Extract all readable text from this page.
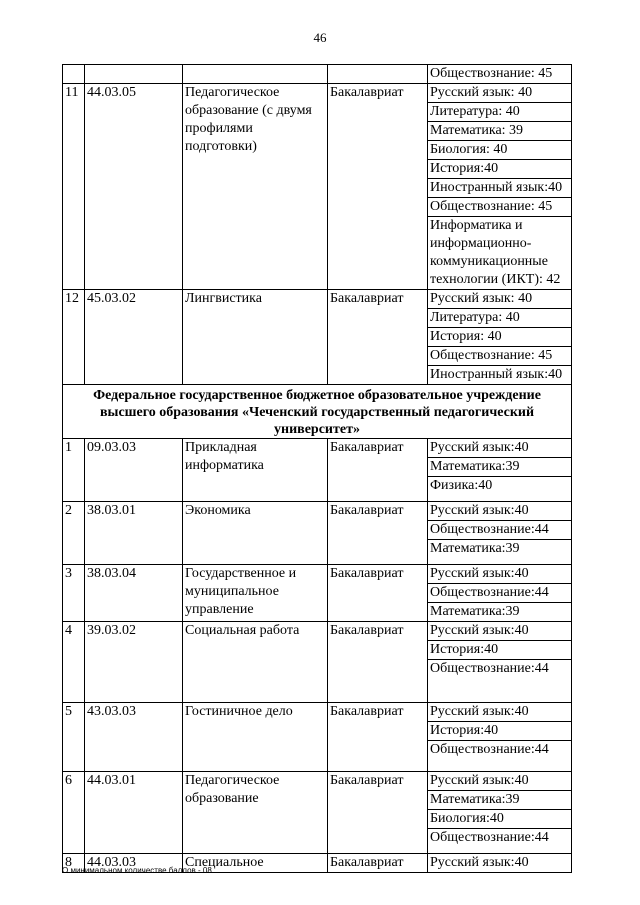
46
				Обществознание: 45
11	44.03.05	Педагогическое образование (с двумя профилями подготовки)	Бакалавриат	Русский язык: 40
				Литература: 40
				Математика: 39
				Биология: 40
				История:40
				Иностранный язык:40
				Обществознание: 45
				Информатика и информационно-коммуникационные технологии (ИКТ): 42
12	45.03.02	Лингвистика	Бакалавриат	Русский язык: 40
				Литература: 40
				История: 40
				Обществознание: 45
				Иностранный язык:40
Федеральное государственное бюджетное образовательное учреждение высшего образования «Чеченский государственный педагогический университет»				
1	09.03.03	Прикладная информатика	Бакалавриат	Русский язык:40
				Математика:39
				Физика:40
2	38.03.01	Экономика	Бакалавриат	Русский язык:40
				Обществознание:44
				Математика:39
3	38.03.04	Государственное и муниципальное управление	Бакалавриат	Русский язык:40
				Обществознание:44
				Математика:39
4	39.03.02	Социальная работа	Бакалавриат	Русский язык:40
				История:40
				Обществознание:44
5	43.03.03	Гостиничное дело	Бакалавриат	Русский язык:40
				История:40
				Обществознание:44
6	44.03.01	Педагогическое образование	Бакалавриат	Русский язык:40
				Математика:39
				Биология:40
				Обществознание:44
8	44.03.03	Специальное	Бакалавриат	Русский язык:40
О минимальном количестве баллов - 08
